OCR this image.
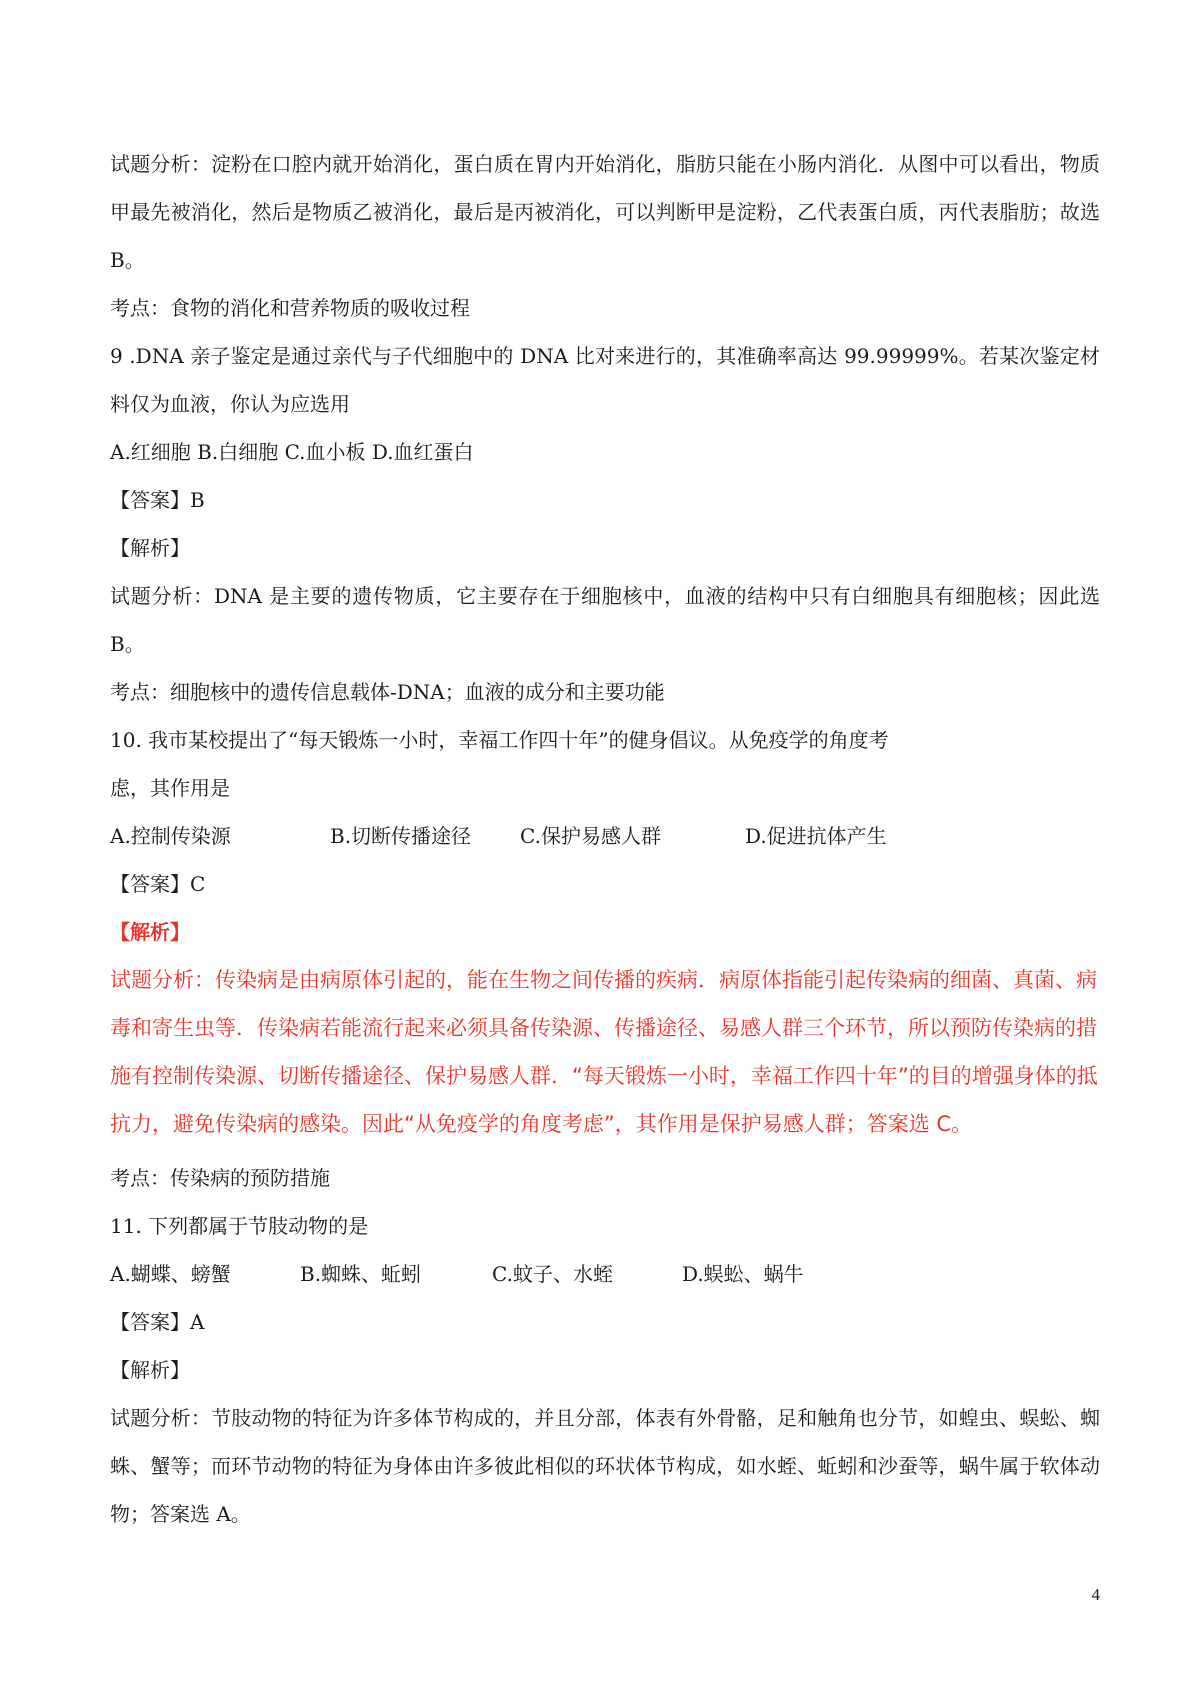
试题分析：淀粉在口腔内就开始消化，蛋白质在胃内开始消化，脂肪只能在小肠内消化．从图中可以看出，物质甲最先被消化，然后是物质乙被消化，最后是丙被消化，可以判断甲是淀粉，乙代表蛋白质，丙代表脂肪；故选 B。
考点：食物的消化和营养物质的吸收过程
9 .DNA 亲子鉴定是通过亲代与子代细胞中的 DNA 比对来进行的，其准确率高达 99.99999%。若某次鉴定材料仅为血液，你认为应选用
A.红细胞 B.白细胞 C.血小板 D.血红蛋白
【答案】B
【解析】
试题分析：DNA 是主要的遗传物质，它主要存在于细胞核中，血液的结构中只有白细胞具有细胞核；因此选 B。
考点：细胞核中的遗传信息载体-DNA；血液的成分和主要功能
10. 我市某校提出了“每天锻炼一小时，幸福工作四十年”的健身倡议。从免疫学的角度考
虑，其作用是
A.控制传染源	B.切断传播途径	C.保护易感人群	D.促进抗体产生
【答案】C
【解析】
试题分析：传染病是由病原体引起的，能在生物之间传播的疾病．病原体指能引起传染病的细菌、真菌、病毒和寄生虫等．传染病若能流行起来必须具备传染源、传播途径、易感人群三个环节，所以预防传染病的措施有控制传染源、切断传播途径、保护易感人群．“每天锻炼一小时，幸福工作四十年”的目的增强身体的抵抗力，避免传染病的感染。因此“从免疫学的角度考虑”，其作用是保护易感人群；答案选 C。
考点：传染病的预防措施
11. 下列都属于节肢动物的是
A.蝴蝶、螃蟹	B.蜘蛛、蚯蚓	C.蚊子、水蛭	D.蜈蚣、蜗牛
【答案】A
【解析】
试题分析：节肢动物的特征为许多体节构成的，并且分部，体表有外骨骼，足和触角也分节，如蝗虫、蜈蚣、蜘蛛、蟹等；而环节动物的特征为身体由许多彼此相似的环状体节构成，如水蛭、蚯蚓和沙蚕等，蜗牛属于软体动物；答案选 A。
4
